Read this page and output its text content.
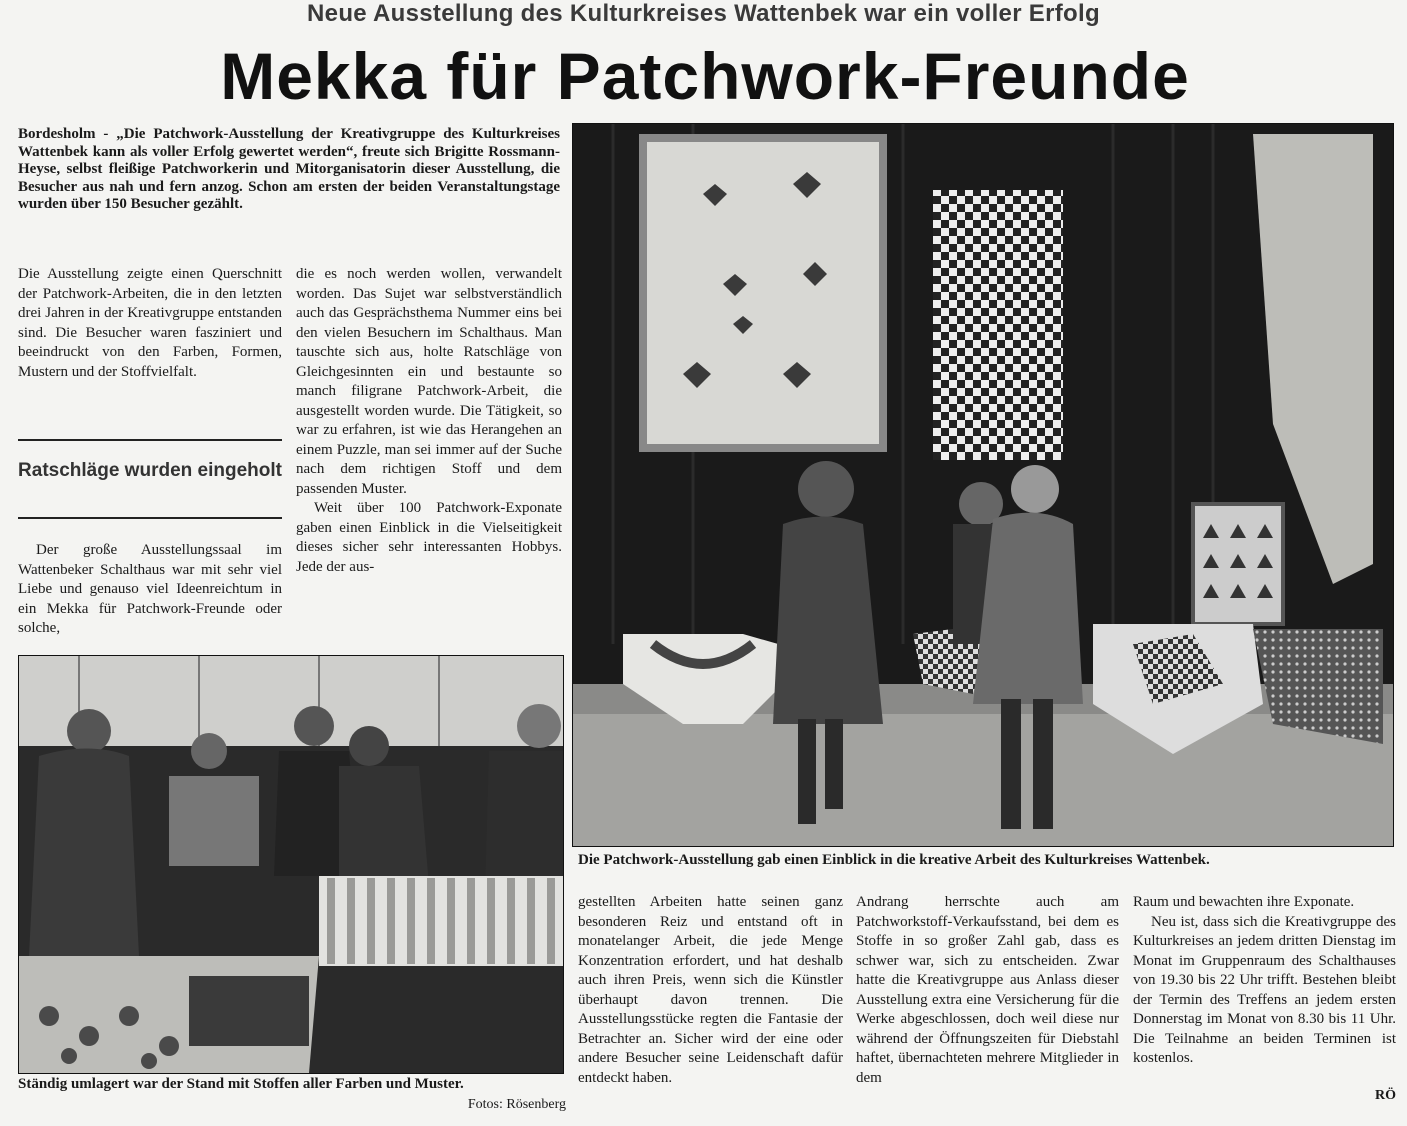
Neue Ausstellung des Kulturkreises Wattenbek war ein voller Erfolg
Mekka für Patchwork-Freunde
Bordesholm - „Die Patchwork-Ausstellung der Kreativgruppe des Kulturkreises Wattenbek kann als voller Erfolg gewertet werden“, freute sich Brigitte Rossmann-Heyse, selbst fleißige Patchworkerin und Mitorganisatorin dieser Ausstellung, die Besucher aus nah und fern anzog. Schon am ersten der beiden Veranstaltungstage wurden über 150 Besucher gezählt.

Die Ausstellung zeigte einen Querschnitt der Patchwork-Arbeiten, die in den letzten drei Jahren in der Kreativgruppe entstanden sind. Die Besucher waren fasziniert und beeindruckt von den Farben, Formen, Mustern und der Stoffvielfalt.

Ratschläge wurden eingeholt

Der große Ausstellungssaal im Wattenbeker Schalthaus war mit sehr viel Liebe und genauso viel Ideenreichtum in ein Mekka für Patchwork-Freunde oder solche,

die es noch werden wollen, verwandelt worden. Das Sujet war selbstverständlich auch das Gesprächsthema Nummer eins bei den vielen Besuchern im Schalthaus. Man tauschte sich aus, holte Ratschläge von Gleichgesinnten ein und bestaunte so manch filigrane Patchwork-Arbeit, die ausgestellt worden wurde. Die Tätigkeit, so war zu erfahren, ist wie das Herangehen an einem Puzzle, man sei immer auf der Suche nach dem richtigen Stoff und dem passenden Muster.

Weit über 100 Patchwork-Exponate gaben einen Einblick in die Vielseitigkeit dieses sicher sehr interessanten Hobbys. Jede der aus-

Die Patchwork-Ausstellung gab einen Einblick in die kreative Arbeit des Kulturkreises Wattenbek.
Ständig umlagert war der Stand mit Stoffen aller Farben und Muster.
Fotos: Rösenberg

gestellten Arbeiten hatte seinen ganz besonderen Reiz und entstand oft in monatelanger Arbeit, die jede Menge Konzentration erfordert, und hat deshalb auch ihren Preis, wenn sich die Künstler überhaupt davon trennen. Die Ausstellungsstücke regten die Fantasie der Betrachter an. Sicher wird der eine oder andere Besucher seine Leidenschaft dafür entdeckt haben.

Andrang herrschte auch am Patchworkstoff-Verkaufsstand, bei dem es Stoffe in so großer Zahl gab, dass es schwer war, sich zu entscheiden. Zwar hatte die Kreativgruppe aus Anlass dieser Ausstellung extra eine Versicherung für die Werke abgeschlossen, doch weil diese nur während der Öffnungszeiten für Diebstahl haftet, übernachteten mehrere Mitglieder in dem

Raum und bewachten ihre Exponate.

Neu ist, dass sich die Kreativgruppe des Kulturkreises an jedem dritten Dienstag im Monat im Gruppenraum des Schalthauses von 19.30 bis 22 Uhr trifft. Bestehen bleibt der Termin des Treffens an jedem ersten Donnerstag im Monat von 8.30 bis 11 Uhr. Die Teilnahme an beiden Terminen ist kostenlos.

RÖ
